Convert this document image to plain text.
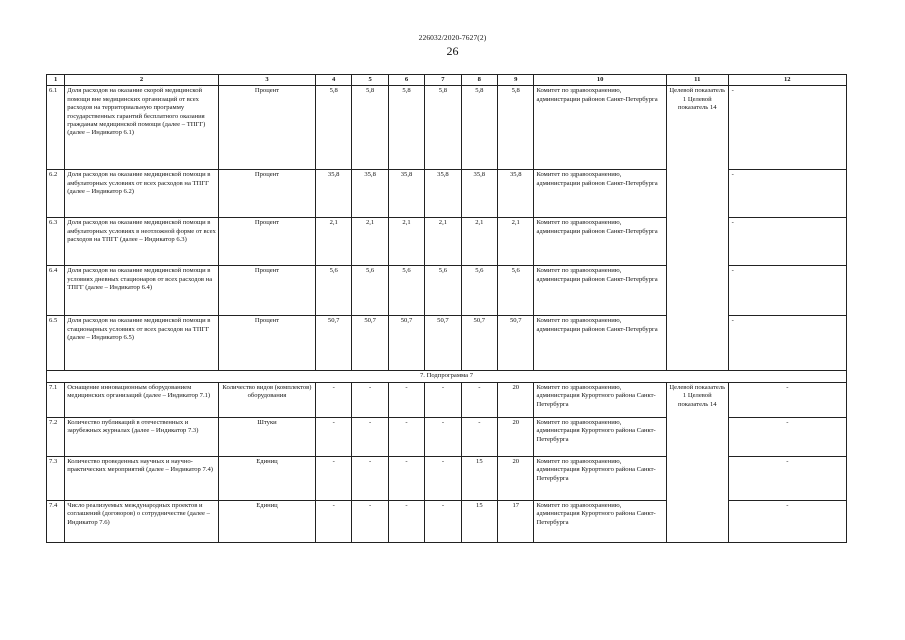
226032/2020-7627(2)
26
1	2	3	4	5	6	7	8	9	10	11	12
6.1	Доля расходов на оказание скорой медицинской помощи вне медицинских организаций от всех расходов на территориальную программу государственных гарантий бесплатного оказания гражданам медицинской помощи (далее – ТПГГ) (далее – Индикатор 6.1)	Процент	5,8	5,8	5,8	5,8	5,8	5,8	Комитет по здравоохранению, администрации районов Санкт-Петербурга	Целевой показатель 1 Целевой показатель 14	-
6.2	Доля расходов на оказание медицинской помощи в амбулаторных условиях от всех расходов на ТПГГ (далее – Индикатор 6.2)	Процент	35,8	35,8	35,8	35,8	35,8	35,8	Комитет по здравоохранению, администрации районов Санкт-Петербурга		-
6.3	Доля расходов на оказание медицинской помощи в амбулаторных условиях в неотложной форме от всех расходов на ТПГГ (далее – Индикатор 6.3)	Процент	2,1	2,1	2,1	2,1	2,1	2,1	Комитет по здравоохранению, администрации районов Санкт-Петербурга		-
6.4	Доля расходов на оказание медицинской помощи в условиях дневных стационаров от всех расходов на ТПГГ (далее – Индикатор 6.4)	Процент	5,6	5,6	5,6	5,6	5,6	5,6	Комитет по здравоохранению, администрации районов Санкт-Петербурга		-
6.5	Доля расходов на оказание медицинской помощи в стационарных условиях от всех расходов на ТПГГ (далее – Индикатор 6.5)	Процент	50,7	50,7	50,7	50,7	50,7	50,7	Комитет по здравоохранению, администрации районов Санкт-Петербурга		-
7. Подпрограмма 7											
7.1	Оснащение инновационным оборудованием медицинских организаций (далее – Индикатор 7.1)	Количество видов (комплектов) оборудования	-	-	-	-	-	20	Комитет по здравоохранению, администрация Курортного района Санкт-Петербурга	Целевой показатель 1 Целевой показатель 14	-
7.2	Количество публикаций в отечественных и зарубежных журналах (далее – Индикатор 7.3)	Штуки	-	-	-	-	-	20	Комитет по здравоохранению, администрация Курортного района Санкт-Петербурга		-
7.3	Количество проведенных научных и научно-практических мероприятий (далее – Индикатор 7.4)	Единиц	-	-	-	-	15	20	Комитет по здравоохранению, администрация Курортного района Санкт-Петербурга		-
7.4	Число реализуемых международных проектов и соглашений (договоров) о сотрудничестве (далее – Индикатор 7.6)	Единиц	-	-	-	-	15	17	Комитет по здравоохранению, администрация Курортного района Санкт-Петербурга		-
